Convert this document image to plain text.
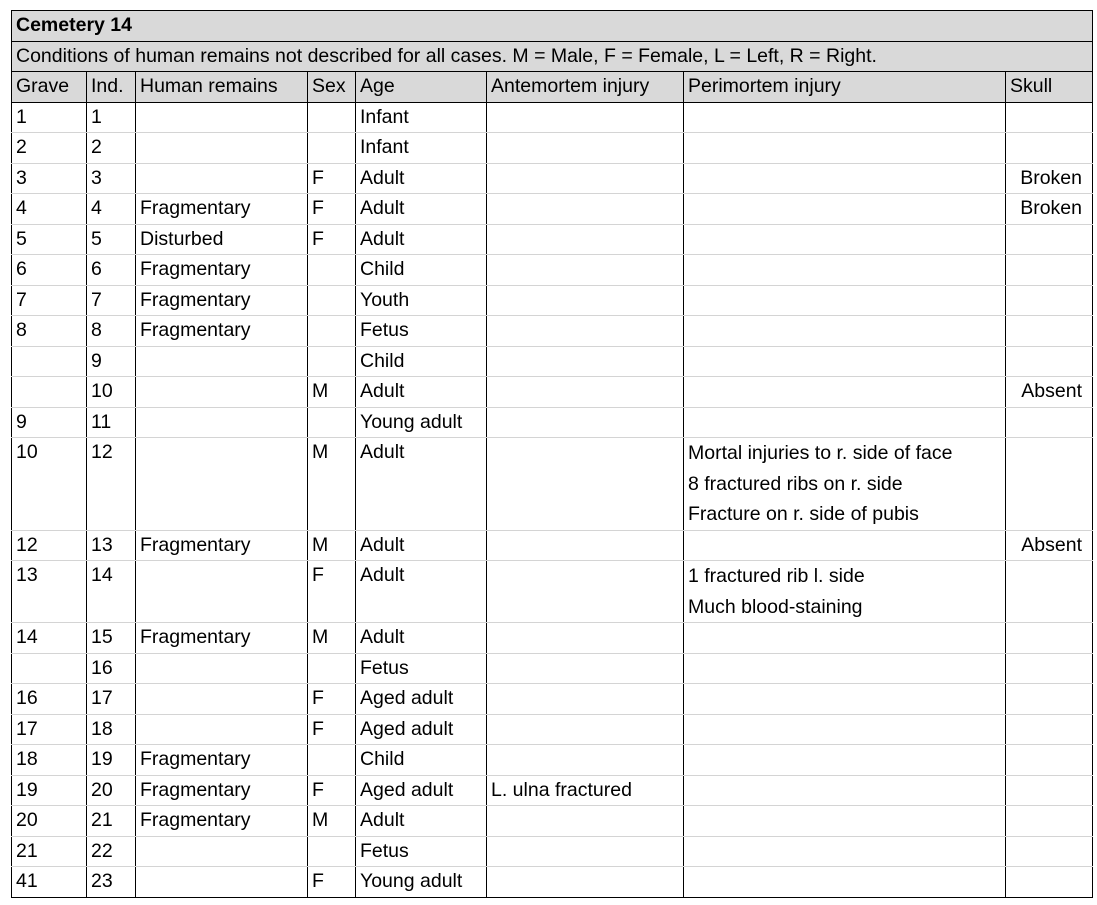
Cemetery 14							
Conditions of human remains not described for all cases. M = Male, F = Female, L = Left, R = Right.							
Grave	Ind.	Human remains	Sex	Age	Antemortem injury	Perimortem injury	Skull
1	1			Infant			
2	2			Infant			
3	3		F	Adult			Broken
4	4	Fragmentary	F	Adult			Broken
5	5	Disturbed	F	Adult			
6	6	Fragmentary		Child			
7	7	Fragmentary		Youth			
8	8	Fragmentary		Fetus			
	9			Child			
	10		M	Adult			Absent
9	11			Young adult			
10	12		M	Adult		Mortal injuries to r. side of face
8 fractured ribs on r. side
Fracture on r. side of pubis	

12	13	Fragmentary	M	Adult			Absent
13	14		F	Adult		1 fractured rib l. side
Much blood-staining	

14	15	Fragmentary	M	Adult			
	16			Fetus			
16	17		F	Aged adult			
17	18		F	Aged adult			
18	19	Fragmentary		Child			
19	20	Fragmentary	F	Aged adult	L. ulna fractured		
20	21	Fragmentary	M	Adult			
21	22			Fetus			
41	23		F	Young adult			
